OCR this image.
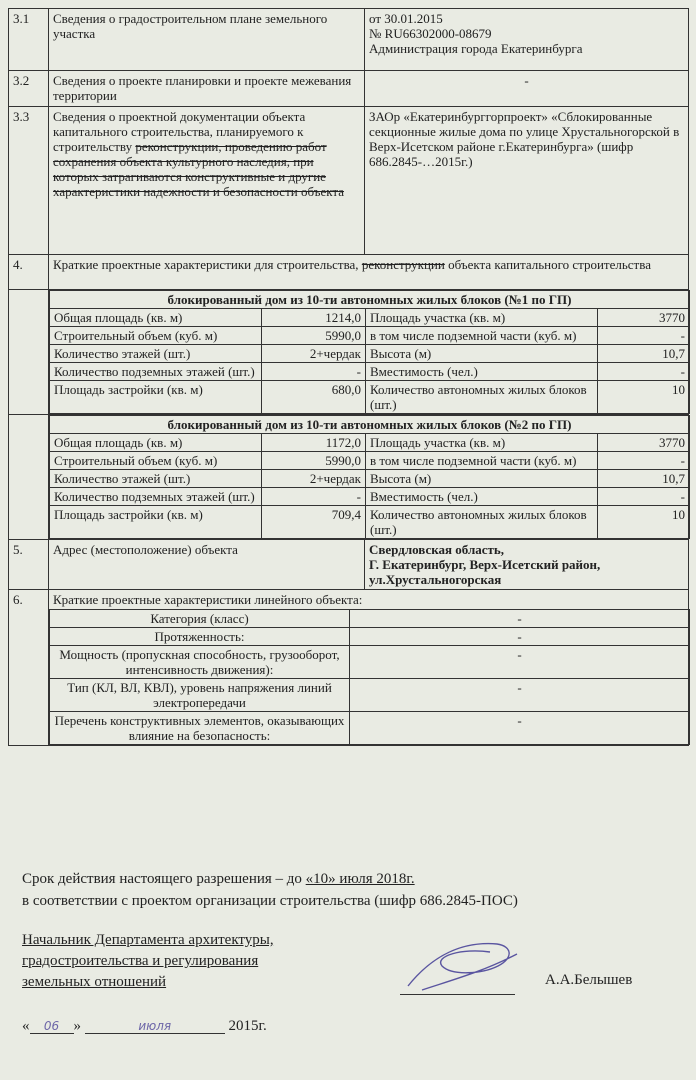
3.1	Сведения о градостроительном плане земельного участка	
от 30.01.2015
№ RU66302000-08679
Администрация города Екатеринбурга

3.2	Сведения о проекте планировки и проекте межевания территории	-
3.3	Сведения о проектной документации объекта капитального строительства, планируемого к строительству реконструкции, проведению работ сохранения объекта культурного наследия, при которых затрагиваются конструктивные и другие характеристики надежности и безопасности объекта	ЗАОр «Екатеринбурггорпроект» «Сблокированные секционные жилые дома по улице Хрустальногорской в Верх-Исетском районе г.Екатеринбурга» (шифр 686.2845-…2015г.)
4.	Краткие проектные характеристики для строительства, реконструкции объекта капитального строительства

блокированный дом из 10-ти автономных жилых блоков (№1 по ГП)
Общая площадь (кв. м)	1214,0	Площадь участка (кв. м)	3770
Строительный объем (куб. м)	5990,0	в том числе подземной части (куб. м)	-
Количество этажей (шт.)	2+чердак	Высота (м)	10,7
Количество подземных этажей (шт.)	-	Вместимость (чел.)	-
Площадь застройки (кв. м)	680,0	Количество автономных жилых блоков (шт.)	10

блокированный дом из 10-ти автономных жилых блоков (№2 по ГП)
Общая площадь (кв. м)	1172,0	Площадь участка (кв. м)	3770
Строительный объем (куб. м)	5990,0	в том числе подземной части (куб. м)	-
Количество этажей (шт.)	2+чердак	Высота (м)	10,7
Количество подземных этажей (шт.)	-	Вместимость (чел.)	-
Площадь застройки (кв. м)	709,4	Количество автономных жилых блоков (шт.)	10

5.	Адрес (местоположение) объекта	Свердловская область,
Г. Екатеринбург, Верх-Исетский район,
ул.Хрустальногорская

6.	Краткие проектные характеристики линейного объекта:
Категория (класс)	-
Протяженность:	-
Мощность (пропускная способность, грузооборот, интенсивность движения):	-
Тип (КЛ, ВЛ, КВЛ), уровень напряжения линий электропередачи	-
Перечень конструктивных элементов, оказывающих влияние на безопасность:	-
Срок действия настоящего разрешения – до «10» июля 2018г.
в соответствии с проектом организации строительства (шифр 686.2845-ПОС)
Начальник Департамента архитектуры,
градостроительства и регулирования
земельных отношений	А.А.Белышев
« 06 »	июля	2015г.
